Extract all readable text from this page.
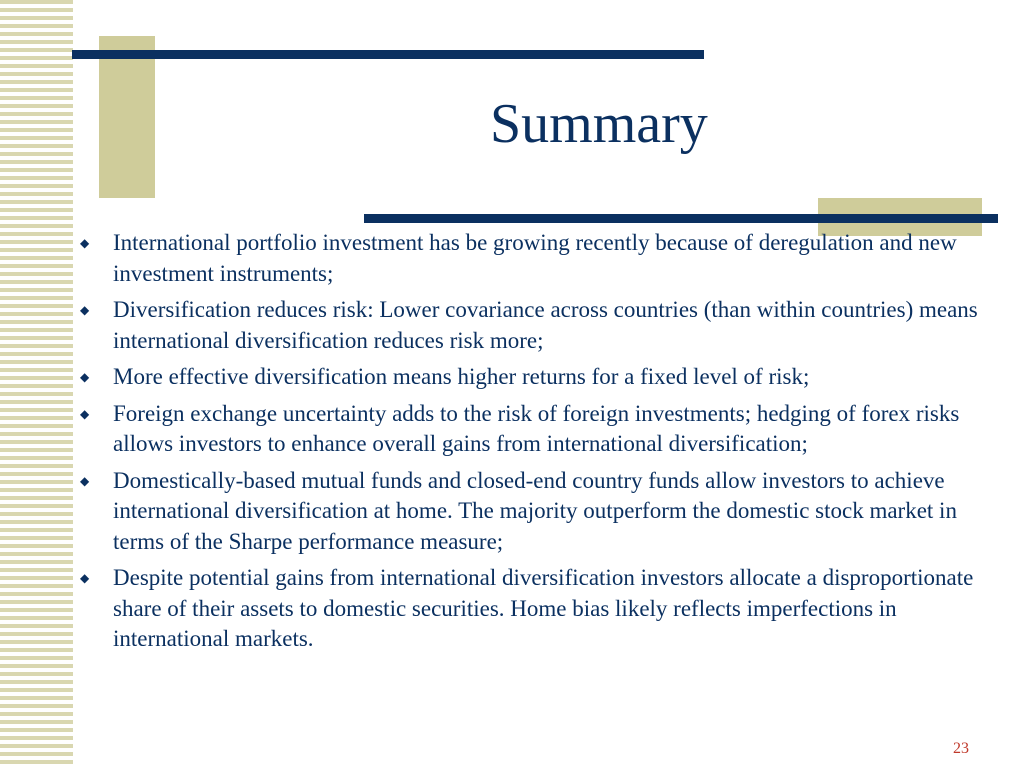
Summary
◆ International portfolio investment has be growing recently because of deregulation and new investment instruments;
◆ Diversification reduces risk: Lower covariance across countries (than within countries) means international diversification reduces risk more;
◆ More effective diversification means higher returns for a fixed level of risk;
◆ Foreign exchange uncertainty adds to the risk of foreign investments; hedging of forex risks allows investors to enhance overall gains from international diversification;
◆ Domestically-based mutual funds and closed-end country funds allow investors to achieve international diversification at home. The majority outperform the domestic stock market in terms of the Sharpe performance measure;
◆ Despite potential gains from international diversification investors allocate a disproportionate share of their assets to domestic securities. Home bias likely reflects imperfections in international markets.
23
